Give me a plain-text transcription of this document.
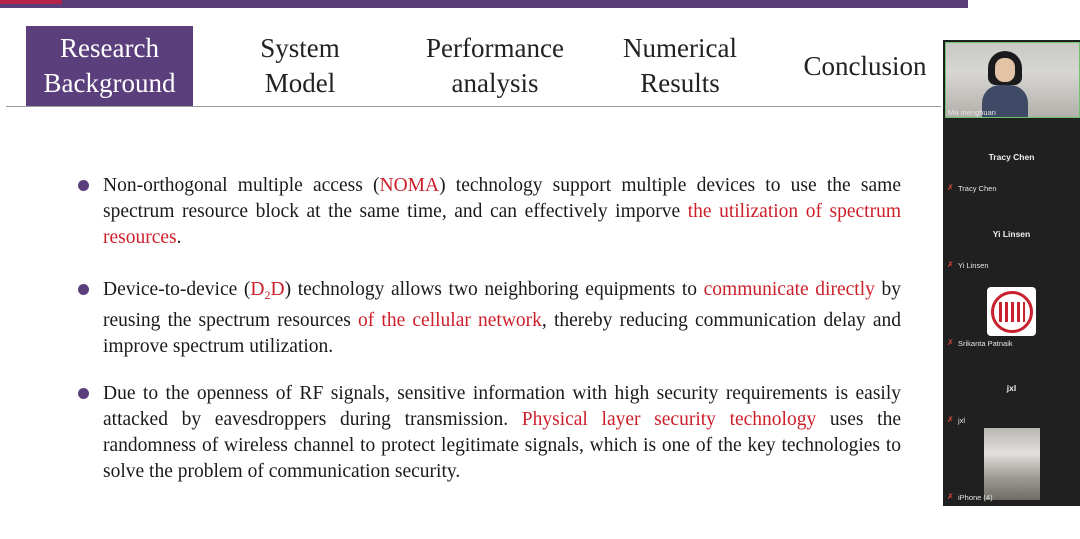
Research
Background
System
Model
Performance
analysis
Numerical
Results
Conclusion
Non-orthogonal multiple access (NOMA) technology support multiple devices to use the same spectrum resource block at the same time, and can effectively imporve the utilization of spectrum resources.
Device-to-device $(D_2D)$ technology allows two neighboring equipments to communicate directly by reusing the spectrum resources of the cellular network, thereby reducing communication delay and improve spectrum utilization.
Due to the openness of RF signals, sensitive information with high security requirements is easily attacked by eavesdroppers during transmission. Physical layer security technology uses the randomness of wireless channel to protect legitimate signals, which is one of the key technologies to solve the problem of communication security.
Ma menghuan
Tracy Chen
✗ Tracy Chen
Yi Linsen
✗ Yi Linsen
✗ Srikanta Patnaik
jxl
✗ jxl
✗ iPhone (4)
